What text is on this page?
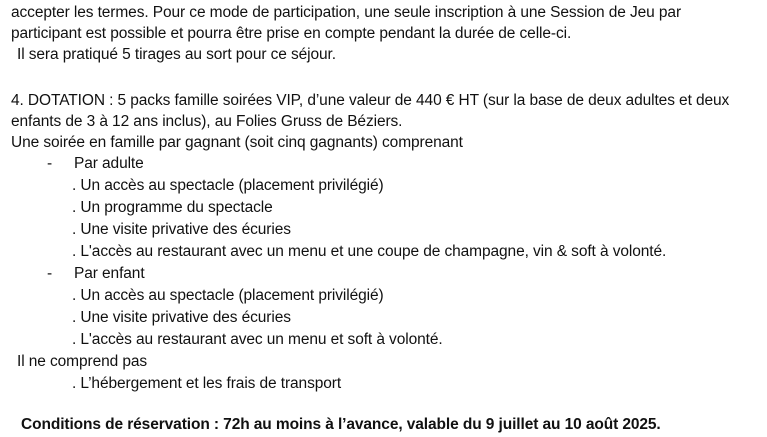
accepter les termes. Pour ce mode de participation, une seule inscription à une Session de Jeu par
participant est possible et pourra être prise en compte pendant la durée de celle-ci.
Il sera pratiqué 5 tirages au sort pour ce séjour.
4. DOTATION : 5 packs famille soirées VIP, d’une valeur de 440 € HT (sur la base de deux adultes et deux
enfants de 3 à 12 ans inclus), au Folies Gruss de Béziers.
Une soirée en famille par gagnant (soit cinq gagnants) comprenant
- Par adulte
. Un accès au spectacle (placement privilégié)
. Un programme du spectacle
. Une visite privative des écuries
. L'accès au restaurant avec un menu et une coupe de champagne, vin & soft à volonté.
- Par enfant
. Un accès au spectacle (placement privilégié)
. Une visite privative des écuries
. L'accès au restaurant avec un menu et soft à volonté.
Il ne comprend pas
. L’hébergement et les frais de transport
Conditions de réservation : 72h au moins à l’avance, valable du 9 juillet au 10 août 2025.
